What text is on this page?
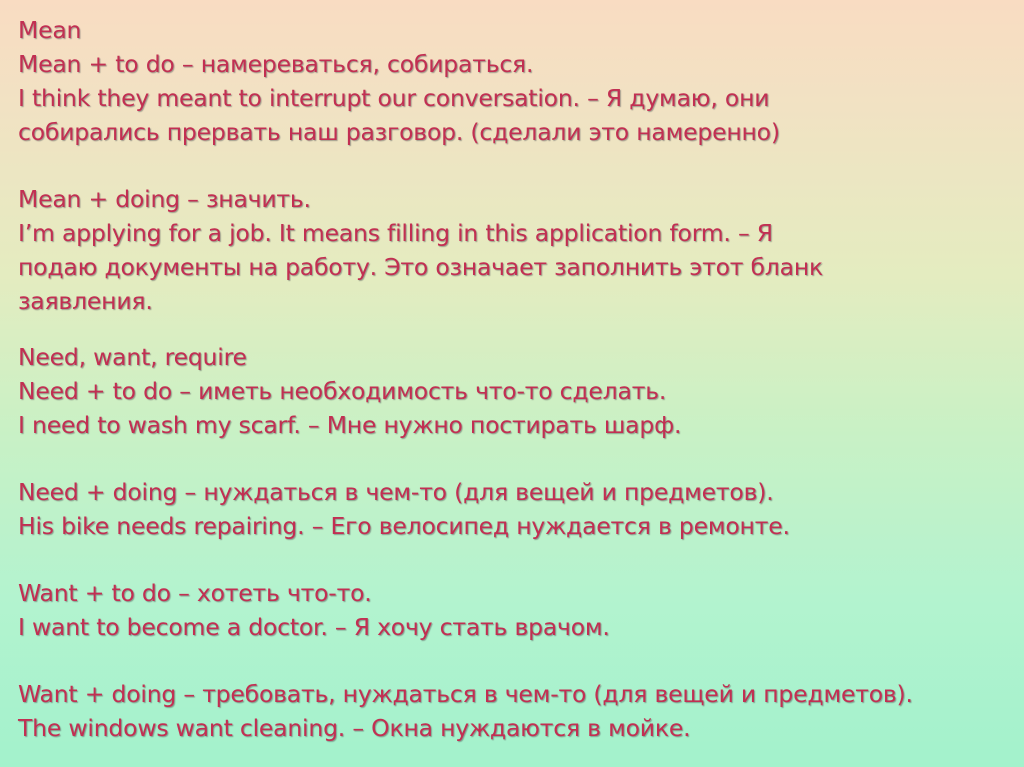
Mean
Mean + to do – намереваться, собираться.
I think they meant to interrupt our conversation. – Я думаю, они
собирались прервать наш разговор. (сделали это намеренно)
Mean + doing – значить.
I’m applying for a job. It means filling in this application form. – Я
подаю документы на работу. Это означает заполнить этот бланк
заявления.
Need, want, require
Need + to do – иметь необходимость что-то сделать.
I need to wash my scarf. – Мне нужно постирать шарф.
Need + doing – нуждаться в чем-то (для вещей и предметов).
His bike needs repairing. – Его велосипед нуждается в ремонте.
Want + to do – хотеть что-то.
I want to become a doctor. – Я хочу стать врачом.
Want + doing – требовать, нуждаться в чем-то (для вещей и предметов).
The windows want cleaning. – Окна нуждаются в мойке.
